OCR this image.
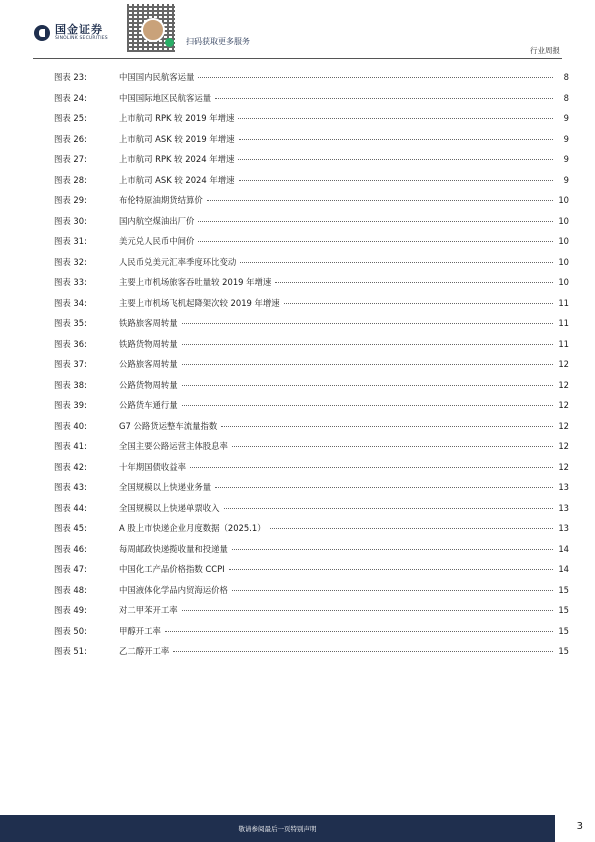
国金证券
SINOLINK SECURITIES	扫码获取更多服务
行业周报
图表 23:	中国国内民航客运量	8
图表 24:	中国国际地区民航客运量	8
图表 25:	上市航司 RPK 较 2019 年增速	9
图表 26:	上市航司 ASK 较 2019 年增速	9
图表 27:	上市航司 RPK 较 2024 年增速	9
图表 28:	上市航司 ASK 较 2024 年增速	9
图表 29:	布伦特原油期货结算价	10
图表 30:	国内航空煤油出厂价	10
图表 31:	美元兑人民币中间价	10
图表 32:	人民币兑美元汇率季度环比变动	10
图表 33:	主要上市机场旅客吞吐量较 2019 年增速	10
图表 34:	主要上市机场飞机起降架次较 2019 年增速	11
图表 35:	铁路旅客周转量	11
图表 36:	铁路货物周转量	11
图表 37:	公路旅客周转量	12
图表 38:	公路货物周转量	12
图表 39:	公路货车通行量	12
图表 40:	G7 公路货运整车流量指数	12
图表 41:	全国主要公路运营主体股息率	12
图表 42:	十年期国债收益率	12
图表 43:	全国规模以上快递业务量	13
图表 44:	全国规模以上快递单票收入	13
图表 45:	A 股上市快递企业月度数据（2025.1）	13
图表 46:	每周邮政快递揽收量和投递量	14
图表 47:	中国化工产品价格指数 CCPI	14
图表 48:	中国液体化学品内贸海运价格	15
图表 49:	对二甲苯开工率	15
图表 50:	甲醇开工率	15
图表 51:	乙二醇开工率	15
敬请参阅最后一页特别声明	3
